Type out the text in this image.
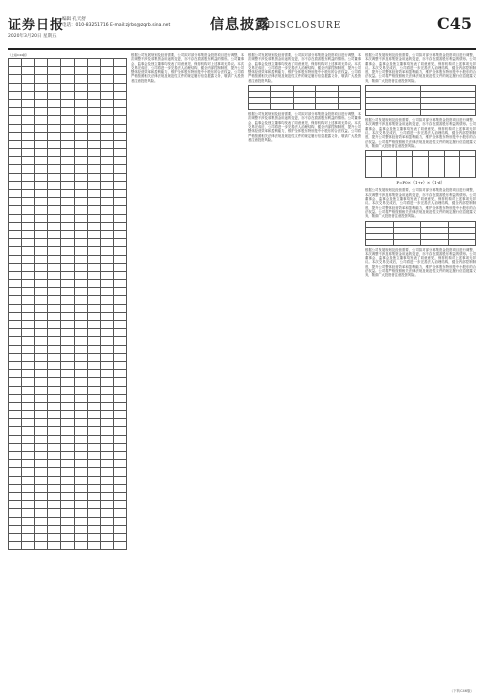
证券日报
2020年3月20日 星期五
编辑 孔天舒
电话：010-83251716 E-mail:zjrbs@zqrb.sina.net	信息披露
DISCLOSURE	C45
（上接C44版）

									根据公司发展规划及经营需要，公司拟对部分募集资金投资项目进行调整，本次调整不涉及募集资金用途的变更，亦不存在损害股东利益的情形。公司董事会、监事会及独立董事均发表了同意意见，保荐机构对上述事项无异议。本次交易完成后，公司将进一步完善法人治理结构，健全内部控制制度，提升公司整体经营效率和盈利能力，维护全体股东特别是中小股东的合法权益。公司将严格按照相关法律法规及规范性文件的规定履行信息披露义务，敬请广大投资者注意投资风险。
根据公司发展规划及经营需要，公司拟对部分募集资金投资项目进行调整，本次调整不涉及募集资金用途的变更，亦不存在损害股东利益的情形。公司董事会、监事会及独立董事均发表了同意意见，保荐机构对上述事项无异议。本次交易完成后，公司将进一步完善法人治理结构，健全内部控制制度，提升公司整体经营效率和盈利能力，维护全体股东特别是中小股东的合法权益。公司将严格按照相关法律法规及规范性文件的规定履行信息披露义务，敬请广大投资者注意投资风险。

根据公司发展规划及经营需要，公司拟对部分募集资金投资项目进行调整，本次调整不涉及募集资金用途的变更，亦不存在损害股东利益的情形。公司董事会、监事会及独立董事均发表了同意意见，保荐机构对上述事项无异议。本次交易完成后，公司将进一步完善法人治理结构，健全内部控制制度，提升公司整体经营效率和盈利能力，维护全体股东特别是中小股东的合法权益。公司将严格按照相关法律法规及规范性文件的规定履行信息披露义务，敬请广大投资者注意投资风险。
根据公司发展规划及经营需要，公司拟对部分募集资金投资项目进行调整，本次调整不涉及募集资金用途的变更，亦不存在损害股东利益的情形。公司董事会、监事会及独立董事均发表了同意意见，保荐机构对上述事项无异议。本次交易完成后，公司将进一步完善法人治理结构，健全内部控制制度，提升公司整体经营效率和盈利能力，维护全体股东特别是中小股东的合法权益。公司将严格按照相关法律法规及规范性文件的规定履行信息披露义务，敬请广大投资者注意投资风险。

根据公司发展规划及经营需要，公司拟对部分募集资金投资项目进行调整，本次调整不涉及募集资金用途的变更，亦不存在损害股东利益的情形。公司董事会、监事会及独立董事均发表了同意意见，保荐机构对上述事项无异议。本次交易完成后，公司将进一步完善法人治理结构，健全内部控制制度，提升公司整体经营效率和盈利能力，维护全体股东特别是中小股东的合法权益。公司将严格按照相关法律法规及规范性文件的规定履行信息披露义务，敬请广大投资者注意投资风险。

P=P0×（1+r）×（1-d）
根据公司发展规划及经营需要，公司拟对部分募集资金投资项目进行调整，本次调整不涉及募集资金用途的变更，亦不存在损害股东利益的情形。公司董事会、监事会及独立董事均发表了同意意见，保荐机构对上述事项无异议。本次交易完成后，公司将进一步完善法人治理结构，健全内部控制制度，提升公司整体经营效率和盈利能力，维护全体股东特别是中小股东的合法权益。公司将严格按照相关法律法规及规范性文件的规定履行信息披露义务，敬请广大投资者注意投资风险。

根据公司发展规划及经营需要，公司拟对部分募集资金投资项目进行调整，本次调整不涉及募集资金用途的变更，亦不存在损害股东利益的情形。公司董事会、监事会及独立董事均发表了同意意见，保荐机构对上述事项无异议。本次交易完成后，公司将进一步完善法人治理结构，健全内部控制制度，提升公司整体经营效率和盈利能力，维护全体股东特别是中小股东的合法权益。公司将严格按照相关法律法规及规范性文件的规定履行信息披露义务，敬请广大投资者注意投资风险。
（下转C46版）
